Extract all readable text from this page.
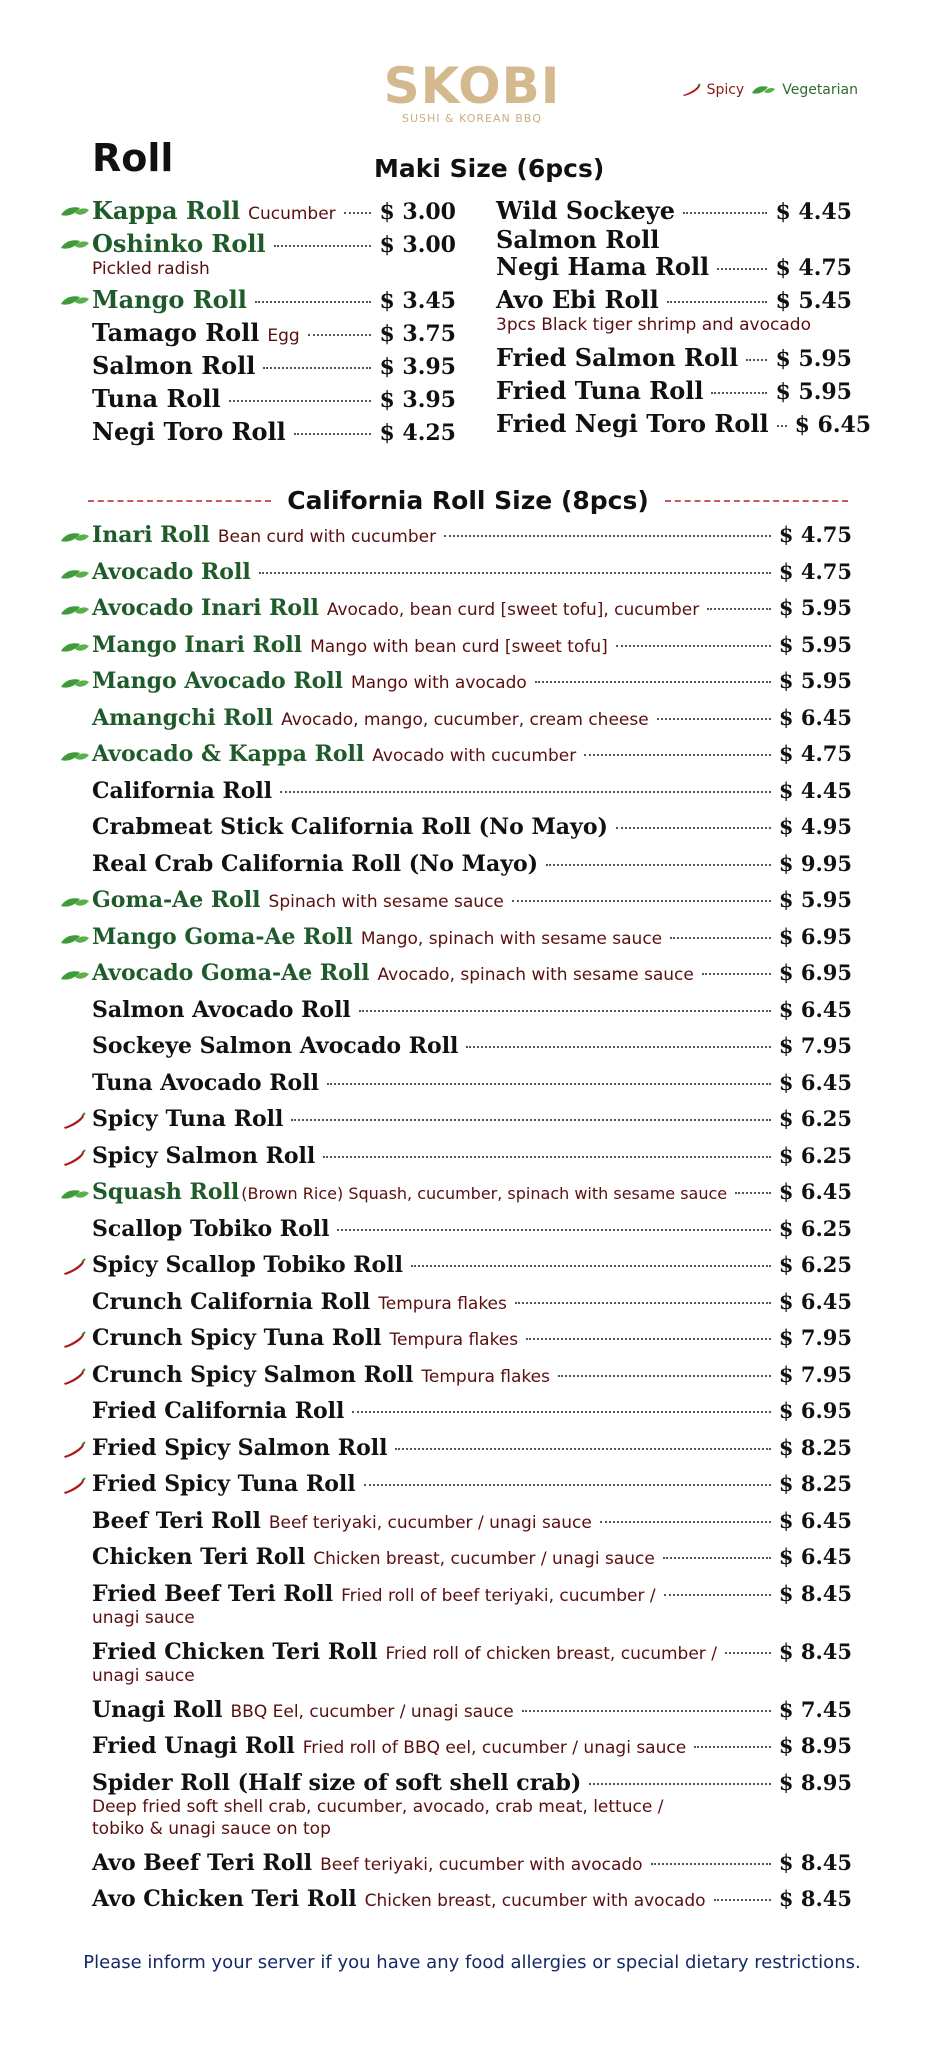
SKOBI
SUSHI & KOREAN BBQ
Spicy	Vegetarian
Roll	Maki Size (6pcs)
Kappa Roll Cucumber $ 3.00
Oshinko Roll	$ 3.00
Pickled radish
Mango Roll	$ 3.45
Tamago Roll Egg	$ 3.75
Salmon Roll	$ 3.95
Tuna Roll	$ 3.95
Negi Toro Roll	$ 4.25
Wild Sockeye	$ 4.45
Salmon Roll
Negi Hama Roll	$ 4.75
Avo Ebi Roll	$ 5.45
3pcs Black tiger shrimp and avocado
Fried Salmon Roll $ 5.95
Fried Tuna Roll	$ 5.95
Fried Negi Toro Roll $ 6.45
California Roll Size (8pcs)
Inari Roll Bean curd with cucumber	$ 4.75
Avocado Roll	$ 4.75
Avocado Inari Roll Avocado, bean curd [sweet tofu], cucumber	$ 5.95
Mango Inari Roll Mango with bean curd [sweet tofu]	$ 5.95
Mango Avocado Roll Mango with avocado	$ 5.95
Amangchi Roll Avocado, mango, cucumber, cream cheese	$ 6.45
Avocado & Kappa Roll Avocado with cucumber	$ 4.75
California Roll	$ 4.45
Crabmeat Stick California Roll (No Mayo)	$ 4.95
Real Crab California Roll (No Mayo)	$ 9.95
Goma-Ae Roll Spinach with sesame sauce	$ 5.95
Mango Goma-Ae Roll Mango, spinach with sesame sauce	$ 6.95
Avocado Goma-Ae Roll Avocado, spinach with sesame sauce	$ 6.95
Salmon Avocado Roll	$ 6.45
Sockeye Salmon Avocado Roll	$ 7.95
Tuna Avocado Roll	$ 6.45
Spicy Tuna Roll	$ 6.25
Spicy Salmon Roll	$ 6.25
Squash Roll (Brown Rice) Squash, cucumber, spinach with sesame sauce $ 6.45
Scallop Tobiko Roll	$ 6.25
Spicy Scallop Tobiko Roll	$ 6.25
Crunch California Roll Tempura flakes	$ 6.45
Crunch Spicy Tuna Roll Tempura flakes	$ 7.95
Crunch Spicy Salmon Roll Tempura flakes	$ 7.95
Fried California Roll	$ 6.95
Fried Spicy Salmon Roll	$ 8.25
Fried Spicy Tuna Roll	$ 8.25
Beef Teri Roll Beef teriyaki, cucumber / unagi sauce	$ 6.45
Chicken Teri Roll Chicken breast, cucumber / unagi sauce	$ 6.45
Fried Beef Teri Roll Fried roll of beef teriyaki, cucumber /	$ 8.45
unagi sauce
Fried Chicken Teri Roll Fried roll of chicken breast, cucumber /	$ 8.45
unagi sauce
Unagi Roll BBQ Eel, cucumber / unagi sauce	$ 7.45
Fried Unagi Roll Fried roll of BBQ eel, cucumber / unagi sauce	$ 8.95
Spider Roll (Half size of soft shell crab)	$ 8.95
Deep fried soft shell crab, cucumber, avocado, crab meat, lettuce /
tobiko & unagi sauce on top
Avo Beef Teri Roll Beef teriyaki, cucumber with avocado	$ 8.45
Avo Chicken Teri Roll Chicken breast, cucumber with avocado	$ 8.45
Please inform your server if you have any food allergies or special dietary restrictions.
